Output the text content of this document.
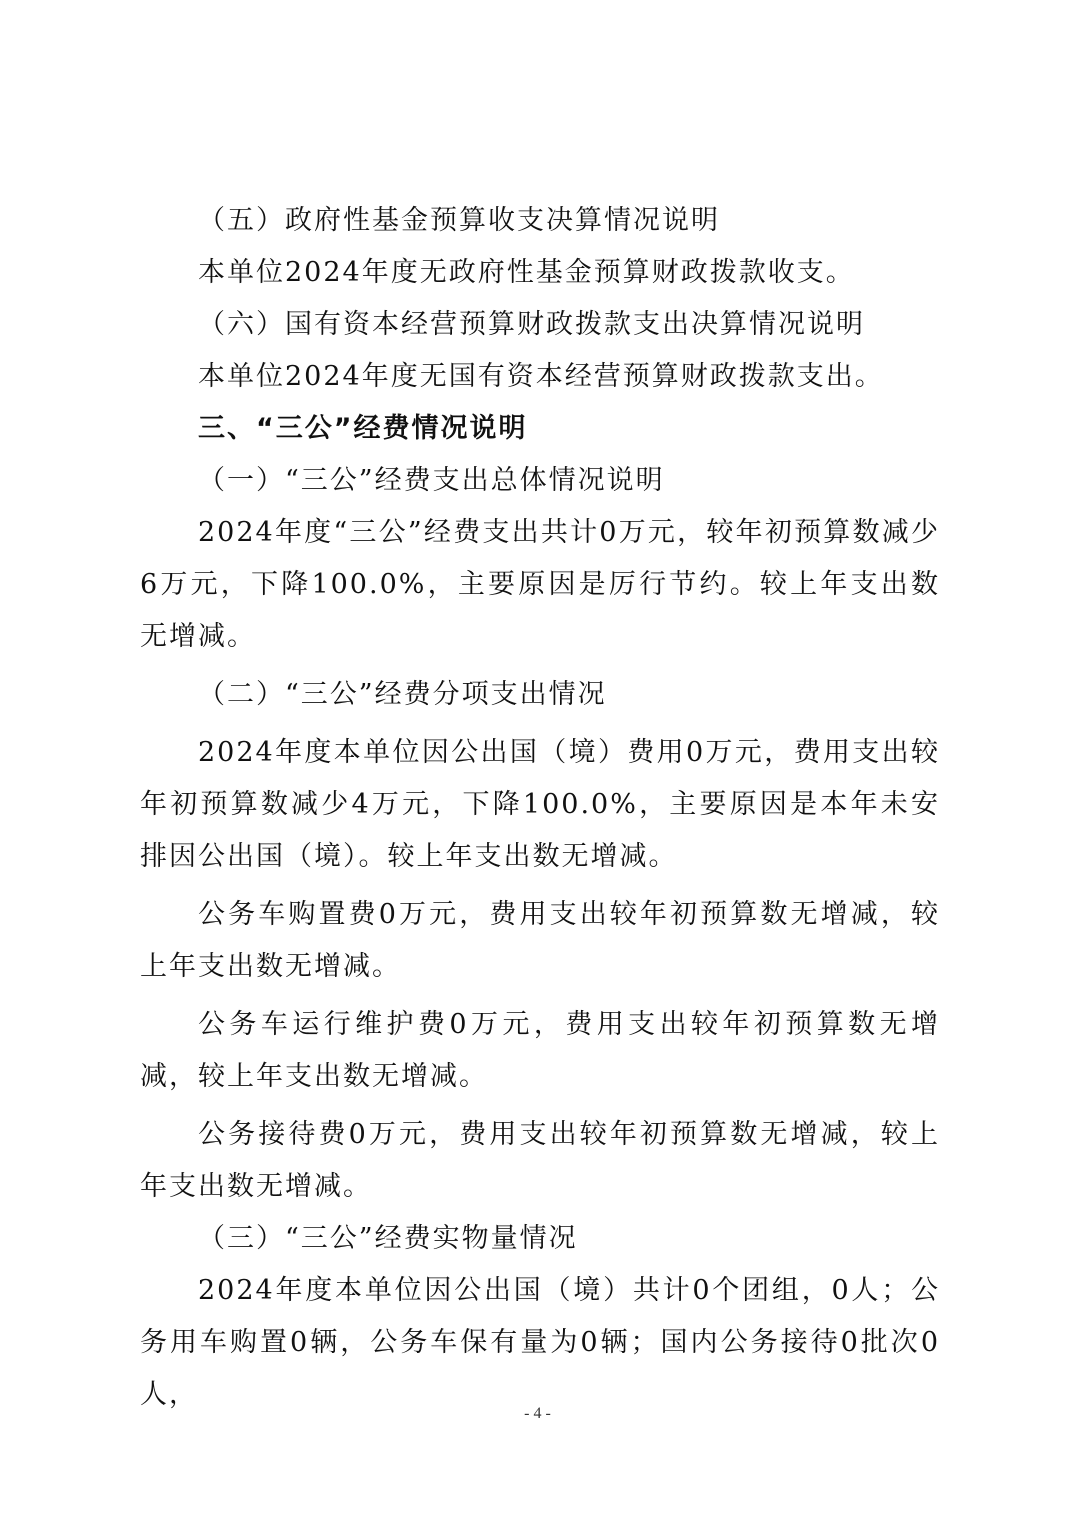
（五）政府性基金预算收支决算情况说明

本单位2024年度无政府性基金预算财政拨款收支。

（六）国有资本经营预算财政拨款支出决算情况说明

本单位2024年度无国有资本经营预算财政拨款支出。

三、“三公”经费情况说明

（一）“三公”经费支出总体情况说明

2024年度“三公”经费支出共计0万元，较年初预算数减少6万元，下降100.0%，主要原因是厉行节约。较上年支出数无增减。

（二）“三公”经费分项支出情况

2024年度本单位因公出国（境）费用0万元，费用支出较年初预算数减少4万元，下降100.0%，主要原因是本年未安排因公出国（境）。较上年支出数无增减。

公务车购置费0万元，费用支出较年初预算数无增减，较上年支出数无增减。

公务车运行维护费0万元，费用支出较年初预算数无增减，较上年支出数无增减。

公务接待费0万元，费用支出较年初预算数无增减，较上年支出数无增减。

（三）“三公”经费实物量情况

2024年度本单位因公出国（境）共计0个团组，0人；公务用车购置0辆，公务车保有量为0辆；国内公务接待0批次0人，

- 4 -
